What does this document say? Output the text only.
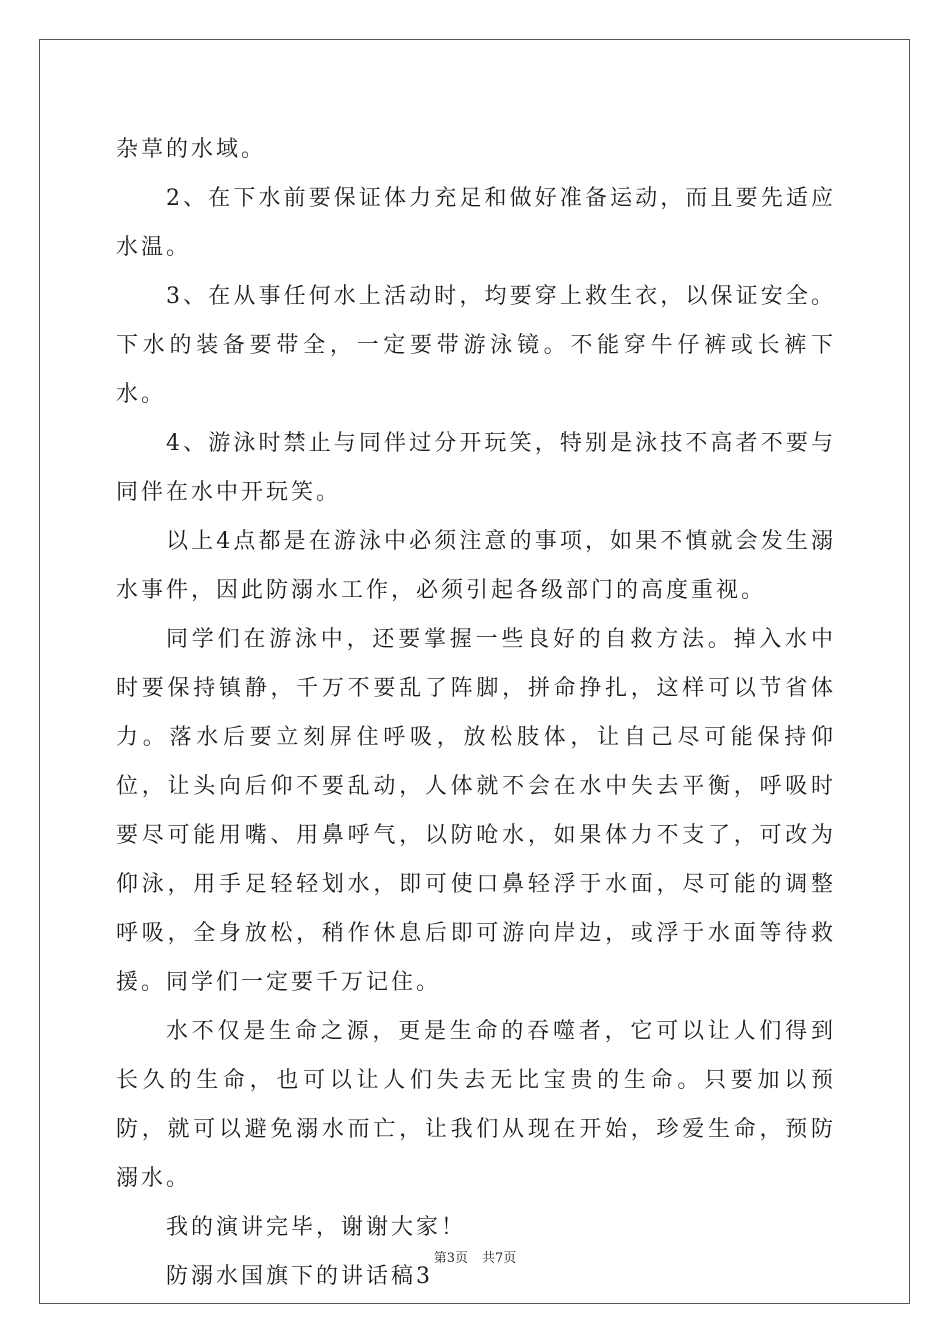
杂草的水域。

2、在下水前要保证体力充足和做好准备运动，而且要先适应水温。

3、在从事任何水上活动时，均要穿上救生衣，以保证安全。下水的装备要带全，一定要带游泳镜。不能穿牛仔裤或长裤下水。

4、游泳时禁止与同伴过分开玩笑，特别是泳技不高者不要与同伴在水中开玩笑。

以上4点都是在游泳中必须注意的事项，如果不慎就会发生溺水事件，因此防溺水工作，必须引起各级部门的高度重视。

同学们在游泳中，还要掌握一些良好的自救方法。掉入水中时要保持镇静，千万不要乱了阵脚，拼命挣扎，这样可以节省体力。落水后要立刻屏住呼吸，放松肢体，让自己尽可能保持仰位，让头向后仰不要乱动，人体就不会在水中失去平衡，呼吸时要尽可能用嘴、用鼻呼气，以防呛水，如果体力不支了，可改为仰泳，用手足轻轻划水，即可使口鼻轻浮于水面，尽可能的调整呼吸，全身放松，稍作休息后即可游向岸边，或浮于水面等待救援。同学们一定要千万记住。

水不仅是生命之源，更是生命的吞噬者，它可以让人们得到长久的生命，也可以让人们失去无比宝贵的生命。只要加以预防，就可以避免溺水而亡，让我们从现在开始，珍爱生命，预防溺水。

我的演讲完毕，谢谢大家！

防溺水国旗下的讲话稿3

第3页 共7页
